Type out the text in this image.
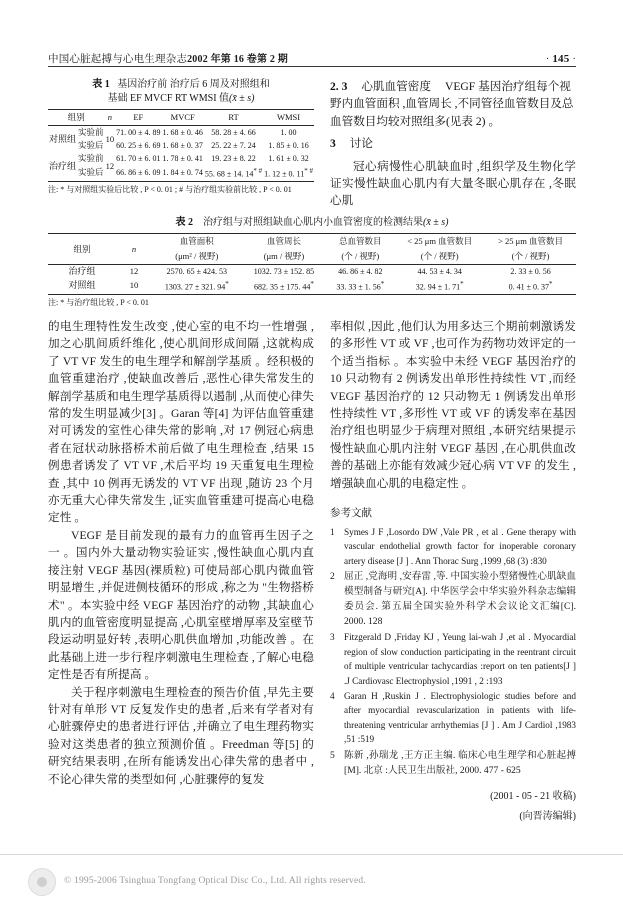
中国心脏起搏与心电生理杂志2002 年第 16 卷第 2 期	· 145 ·
表 1 基因治疗前 治疗后 6 周及对照组和
基础 EF MVCF RT WMSI 值(x̄ ± s)
组别		n	EF	MVCF	RT	WMSI
对照组	实验前	10	71. 00 ± 4. 89	1. 68 ± 0. 46	58. 28 ± 4. 66	1. 00
	实验后		60. 25 ± 6. 69	1. 68 ± 0. 37	25. 22 ± 7. 24	1. 85 ± 0. 16
治疗组	实验前	12	61. 70 ± 6. 01	1. 78 ± 0. 41	19. 23 ± 8. 22	1. 61 ± 0. 32
	实验后		66. 86 ± 6. 09	1. 84 ± 0. 74	55. 68 ± 14. 14* #	1. 12 ± 0. 11* #
注: * 与对照组实验后比较 , P < 0. 01 ; # 与治疗组实验前比较 , P < 0. 01
表 2 治疗组与对照组缺血心肌内小血管密度的检测结果(x̄ ± s)
组别	n	血管面积	血管周长	总血管数目	< 25 μm 血管数目	> 25 μm 血管数目
		(μm² / 视野)	(μm / 视野)	(个 / 视野)	(个 / 视野)	(个 / 视野)
治疗组	12	2570. 65 ± 424. 53	1032. 73 ± 152. 85	46. 86 ± 4. 82	44. 53 ± 4. 34	2. 33 ± 0. 56
对照组	10	1303. 27 ± 321. 94*	682. 35 ± 175. 44*	33. 33 ± 1. 56*	32. 94 ± 1. 71*	0. 41 ± 0. 37*
注: * 与治疗组比较 , P < 0. 01

的电生理特性发生改变 ,使心室的电不均一性增强 ,加之心肌间质纤维化 ,使心肌间形成间隔 ,这就构成了 VT VF 发生的电生理学和解剖学基质 。经积极的血管重建治疗 ,使缺血改善后 ,恶性心律失常发生的解剖学基质和电生理学基质得以遏制 ,从而使心律失常的发生明显减少[3] 。Garan 等[4] 为评估血管重建对可诱发的室性心律失常的影响 ,对 17 例冠心病患者在冠状动脉搭桥术前后做了电生理检查 ,结果 15 例患者诱发了 VT VF ,术后平均 19 天重复电生理检查 ,其中 10 例再无诱发的 VT VF 出现 ,随访 23 个月亦无重大心律失常发生 ,证实血管重建可提高心电稳定性 。

VEGF 是目前发现的最有力的血管再生因子之一 。国内外大量动物实验证实 ,慢性缺血心肌内直接注射 VEGF 基因(裸质粒) 可使局部心肌内微血管明显增生 ,并促进侧枝循环的形成 ,称之为 "生物搭桥术" 。本实验中经 VEGF 基因治疗的动物 ,其缺血心肌内的血管密度明显提高 ,心肌室壁增厚率及室壁节段运动明显好转 ,表明心肌供血增加 ,功能改善 。在此基础上进一步行程序刺激电生理检查 ,了解心电稳定性是否有所提高 。

关于程序刺激电生理检查的预告价值 ,早先主要针对有单形 VT 反复发作史的患者 ,后来有学者对有心脏骤停史的患者进行评估 ,并确立了电生理药物实验对这类患者的独立预测价值 。Freedman 等[5] 的研究结果表明 ,在所有能诱发出心律失常的患者中 ,不论心律失常的类型如何 ,心脏骤停的复发

2. 3 心肌血管密度 VEGF 基因治疗组每个视野内血管面积 ,血管周长 ,不同管径血管数目及总血管数目均较对照组多(见表 2) 。

3 讨论

冠心病慢性心肌缺血时 ,组织学及生物化学证实慢性缺血心肌内有大量冬眠心肌存在 ,冬眠心肌

率相似 ,因此 ,他们认为用多达三个期前刺激诱发的多形性 VT 或 VF ,也可作为药物功效评定的一个适当指标 。本实验中未经 VEGF 基因治疗的 10 只动物有 2 例诱发出单形性持续性 VT ,而经 VEGF 基因治疗的 12 只动物无 1 例诱发出单形性持续性 VT ,多形性 VT 或 VF 的诱发率在基因治疗组也明显少于病理对照组 ,本研究结果提示慢性缺血心肌内注射 VEGF 基因 ,在心肌供血改善的基础上亦能有效减少冠心病 VT VF 的发生 ,增强缺血心肌的电稳定性 。

参考文献
1	Symes J F ,Losordo DW ,Vale PR , et al . Gene therapy with vascular endothelial growth factor for inoperable coronary artery disease [J ] . Ann Thorac Surg ,1999 ,68 (3) :830
2 屈正 ,党海明 ,安春雷 ,等. 中国实验小型猪慢性心肌缺血模型制备与研究[A]. 中华医学会中华实验外科杂志编辑委员会. 第五届全国实验外科学术会议论文汇编[C]. 2000. 128
3	Fitzgerald D ,Friday KJ , Yeung lai-wah J ,et al . Myocardial region of slow conduction participating in the reentrant circuit of multiple ventricular tachycardias :report on ten patients[J ] .J Cardiovasc Electrophysiol ,1991 , 2 :193
4	Garan H ,Ruskin J . Electrophysiologic studies before and after myocardial revascularization in patients with life-threatening ventricular arrhythemias [J ] . Am J Cardiol ,1983 ,51 :519
5 陈新 ,孙瑞龙 ,王方正主编. 临床心电生理学和心脏起搏[M]. 北京 :人民卫生出版社, 2000. 477 - 625
(2001 - 05 - 21 收稿)
(向晋涛编辑)
© 1995-2006 Tsinghua Tongfang Optical Disc Co., Ltd. All rights reserved.
